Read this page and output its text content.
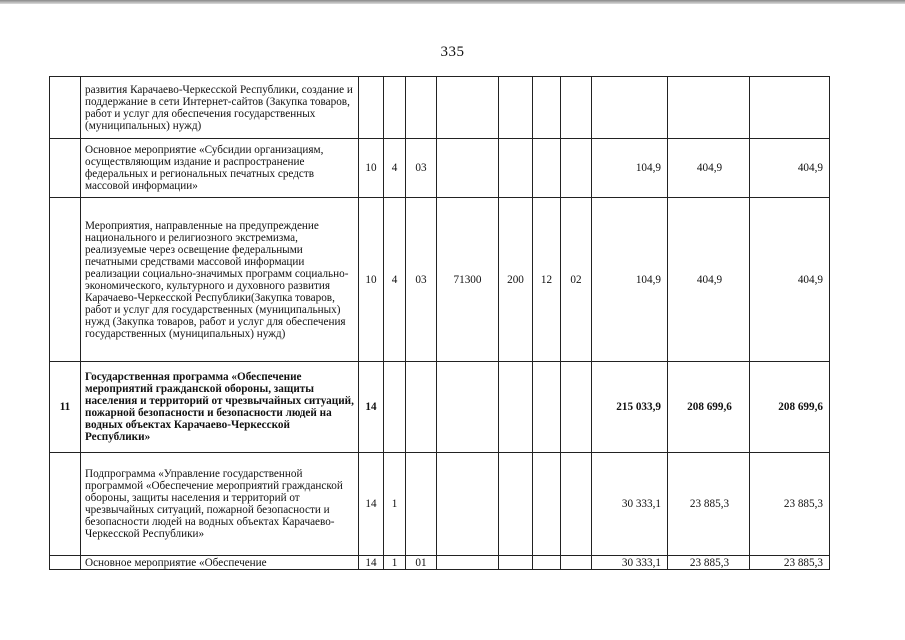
335
	развития Карачаево-Черкесской Республики, создание и поддержание в сети Интернет-сайтов (Закупка товаров, работ и услуг для обеспечения государственных (муниципальных) нужд)										
	Основное мероприятие «Субсидии организациям, осуществляющим издание и распространение федеральных и региональных печатных средств массовой информации»	10	4	03					104,9	404,9	404,9
	Мероприятия, направленные на предупреждение национального и религиозного экстремизма, реализуемые через освещение федеральными печатными средствами массовой информации реализации социально-значимых программ социально-экономического, культурного и духовного развития Карачаево-Черкесской Республики(Закупка товаров, работ и услуг для государственных (муниципальных) нужд (Закупка товаров, работ и услуг для обеспечения государственных (муниципальных) нужд)	10	4	03	71300	200	12	02	104,9	404,9	404,9
11	Государственная программа «Обеспечение мероприятий гражданской обороны, защиты населения и территорий от чрезвычайных ситуаций, пожарной безопасности и безопасности людей на водных объектах Карачаево-Черкесской Республики»	14							215 033,9	208 699,6	208 699,6
	Подпрограмма «Управление государственной программой «Обеспечение мероприятий гражданской обороны, защиты населения и территорий от чрезвычайных ситуаций, пожарной безопасности и безопасности людей на водных объектах Карачаево-Черкесской Республики»	14	1						30 333,1	23 885,3	23 885,3
	Основное мероприятие «Обеспечение	14	1	01					30 333,1	23 885,3	23 885,3
